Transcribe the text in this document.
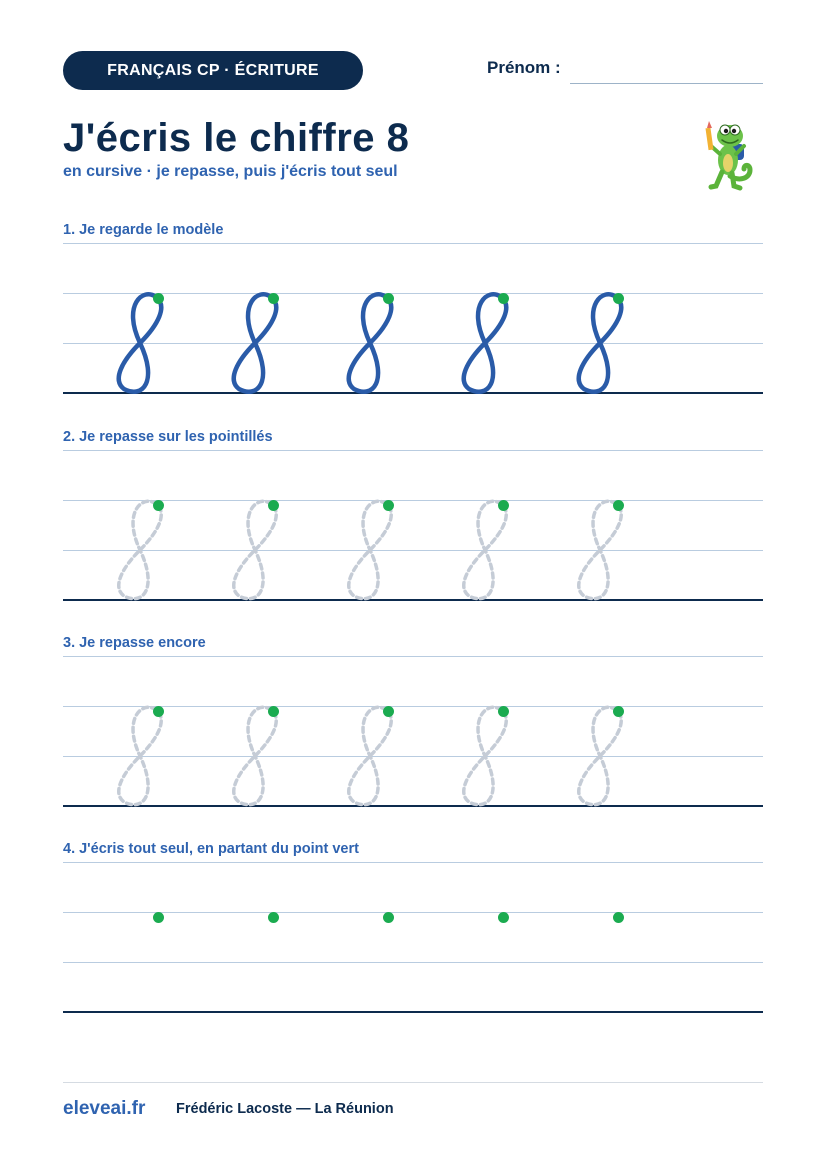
FRANÇAIS CP · ÉCRITURE	Prénom :
J'écris le chiffre 8
en cursive · je repasse, puis j'écris tout seul
1. Je regarde le modèle
2. Je repasse sur les pointillés
3. Je repasse encore
4. J'écris tout seul, en partant du point vert
eleveai.fr Frédéric Lacoste — La Réunion
